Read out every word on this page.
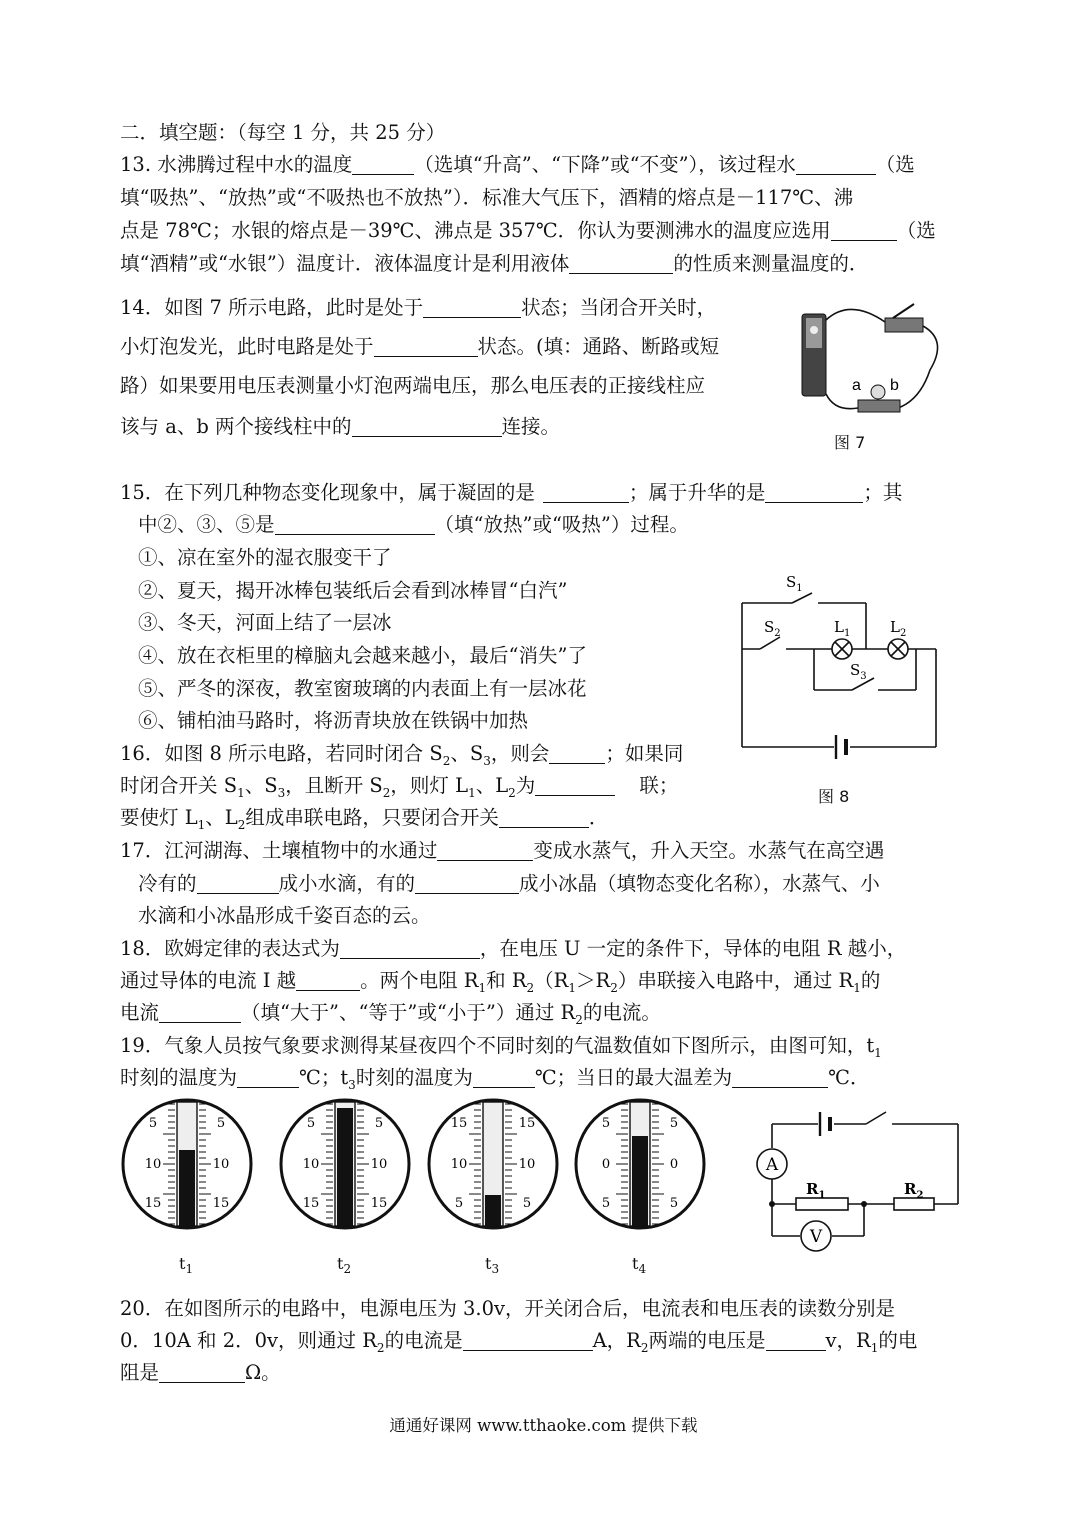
二．填空题：（每空 1 分，共 25 分）
13. 水沸腾过程中水的温度	（选填“升高”、“下降”或“不变”），该过程水	（选
填“吸热”、“放热”或“不吸热也不放热”）．标准大气压下，酒精的熔点是－117℃、沸
点是 78℃；水银的熔点是－39℃、沸点是 357℃．你认为要测沸水的温度应选用	（选
填“酒精”或“水银”）温度计．液体温度计是利用液体	的性质来测量温度的．
14．如图 7 所示电路，此时是处于	状态；当闭合开关时，
小灯泡发光，此时电路是处于	状态。(填：通路、断路或短
路）如果要用电压表测量小灯泡两端电压，那么电压表的正接线柱应
该与 a、b 两个接线柱中的	连接。
a b
图 7
15．在下列几种物态变化现象中，属于凝固的是	；属于升华的是	；其
中②、③、⑤是	（填“放热”或“吸热”）过程。
①、凉在室外的湿衣服变干了
②、夏天，揭开冰棒包装纸后会看到冰棒冒“白汽”
③、冬天，河面上结了一层冰
④、放在衣柜里的樟脑丸会越来越小，最后“消失”了
⑤、严冬的深夜，教室窗玻璃的内表面上有一层冰花
⑥、铺柏油马路时，将沥青块放在铁锅中加热
$S_1$
$S_2$	$L_1$	$L_2$
$S_3$
图 8
16．如图 8 所示电路，若同时闭合 $S_2$、$S_3$，则会	；如果同
时闭合开关 $S_1$、$S_3$，且断开 $S_2$，则灯 $L_1$、$L_2$为	联；
要使灯 $L_1$、$L_2$组成串联电路，只要闭合开关	．
17．江河湖海、土壤植物中的水通过	变成水蒸气，升入天空。水蒸气在高空遇
冷有的	成小水滴，有的	成小冰晶（填物态变化名称），水蒸气、小
水滴和小冰晶形成千姿百态的云。
18．欧姆定律的表达式为	，在电压 U 一定的条件下，导体的电阻 R 越小，
通过导体的电流 I 越	。两个电阻 $R_1$和 $R_2(R_1>R_2)$串联接入电路中，通过 $R_1$的
电流	（填“大于”、“等于”或“小于”）通过 $R_2$的电流。
19．气象人员按气象要求测得某昼夜四个不同时刻的气温数值如下图所示，由图可知，$t_1$
时刻的温度为	℃；$t_3$时刻的温度为	℃；当日的最大温差为	℃．
5	5
10	10
15	15
$t_1$
5	5
10	10
15	15
$t_2$
15	15
10	10
5	5
$t_3$
5	5
0	0
5	5
$t_4$
A
V
$R_1$	$R_2$
20．在如图所示的电路中，电源电压为 3.0v，开关闭合后，电流表和电压表的读数分别是
0．10A 和 2．0v，则通过 $R_2$的电流是	A，$R_2$两端的电压是	v，$R_1$的电
阻是	Ω。
通通好课网 www.tthaoke.com 提供下载
